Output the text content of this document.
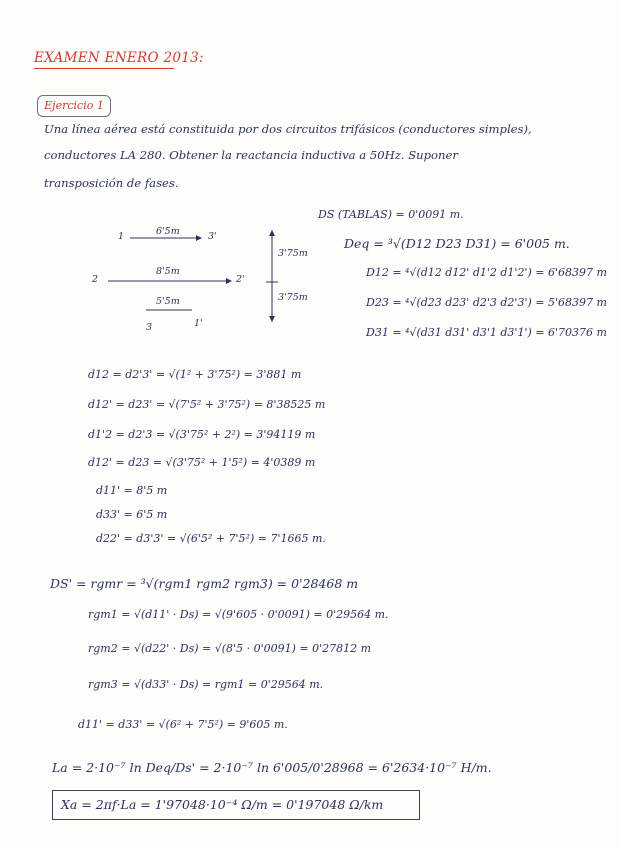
EXAMEN ENERO 2013:
Ejercicio 1
Una línea aérea está constituida por dos circuitos trifásicos (conductores simples),
conductores LA 280. Obtener la reactancia inductiva a 50Hz. Suponer
transposición de fases.
1	6'5m	3'
2
8'5m
2'
5'5m
3	1'
3'75m
3'75m
DS (TABLAS) = 0'0091 m.
Deq = ³√(D12 D23 D31) = 6'005 m.
D12 = ⁴√(d12 d12' d1'2 d1'2') = 6'68397 m
D23 = ⁴√(d23 d23' d2'3 d2'3') = 5'68397 m
D31 = ⁴√(d31 d31' d3'1 d3'1') = 6'70376 m
d12 = d2'3' = √(1² + 3'75²) = 3'881 m
d12' = d23' = √(7'5² + 3'75²) = 8'38525 m
d1'2 = d2'3 = √(3'75² + 2²) = 3'94119 m
d12' = d23 = √(3'75² + 1'5²) = 4'0389 m
d11' = 8'5 m
d33' = 6'5 m
d22' = d3'3' = √(6'5² + 7'5²) = 7'1665 m.
DS' = rgmr = ³√(rgm1 rgm2 rgm3) = 0'28468 m
rgm1 = √(d11' · Ds) = √(9'605 · 0'0091) = 0'29564 m.
rgm2 = √(d22' · Ds) = √(8'5 · 0'0091) = 0'27812 m
rgm3 = √(d33' · Ds) = rgm1 = 0'29564 m.
d11' = d33' = √(6² + 7'5²) = 9'605 m.
La = 2·10⁻⁷ ln Deq/Ds' = 2·10⁻⁷ ln 6'005/0'28968 = 6'2634·10⁻⁷ H/m.
Xa = 2πf·La = 1'97048·10⁻⁴ Ω/m = 0'197048 Ω/km
